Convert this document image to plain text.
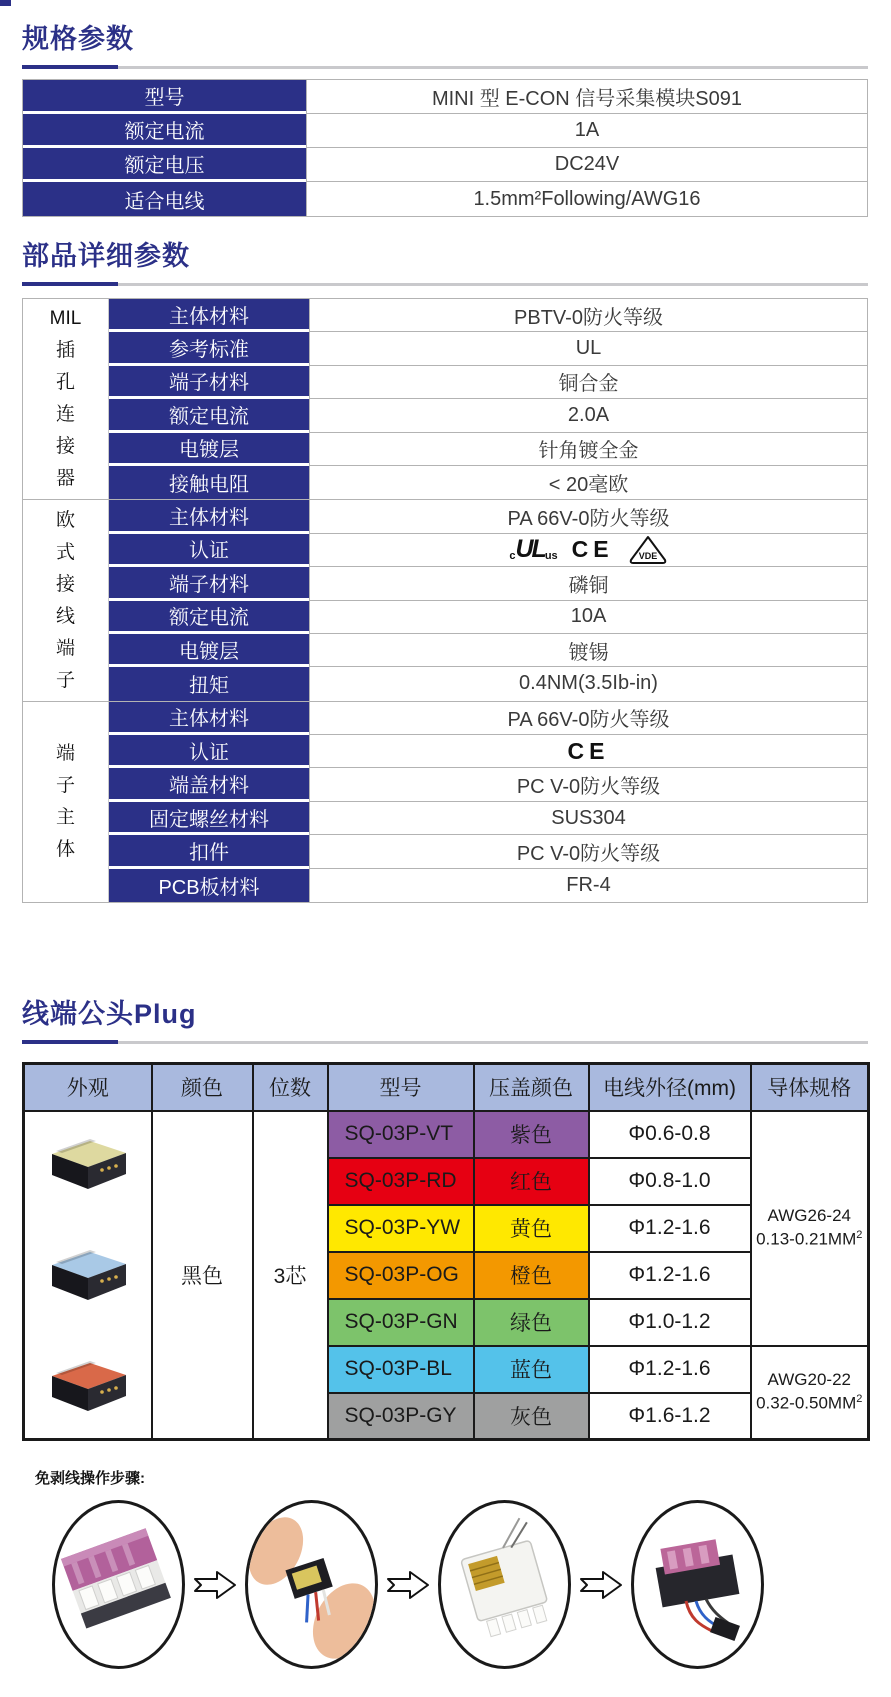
规格参数
型号	MINI 型 E-CON 信号采集模块S091
额定电流	1A
额定电压	DC24V
适合电线	1.5mm²Following/AWG16
部品详细参数
MIL
插
孔
连
接
器
主体材料	PBTV-0防火等级
参考标准	UL
端子材料	铜合金
额定电流	2.0A
电镀层	针角镀全金
接触电阻	< 20毫欧
欧
式
接
线
端
子
主体材料	PA 66V-0防火等级
认证	cULus CE	VDE
端子材料	磷铜
额定电流	10A
电镀层	镀锡
扭矩	0.4NM(3.5Ib-in)
端
子
主
体
主体材料	PA 66V-0防火等级
认证	CE
端盖材料	PC V-0防火等级
固定螺丝材料	SUS304
扣件	PC V-0防火等级
PCB板材料	FR-4
线端公头Plug
外观	颜色	位数	型号	压盖颜色	电线外径(mm)	导体规格

	黑色	3芯	SQ-03P-VT	紫色	Φ0.6-0.8	AWG26-24
$0.13-0.21MM^2$
			SQ-03P-RD	红色	Φ0.8-1.0	
			SQ-03P-YW	黄色	Φ1.2-1.6	
			SQ-03P-OG	橙色	Φ1.2-1.6	
			SQ-03P-GN	绿色	Φ1.0-1.2	
			SQ-03P-BL	蓝色	Φ1.2-1.6	AWG20-22
$0.32-0.50MM^2$
			SQ-03P-GY	灰色	Φ1.6-1.2	
免剥线操作步骤:
